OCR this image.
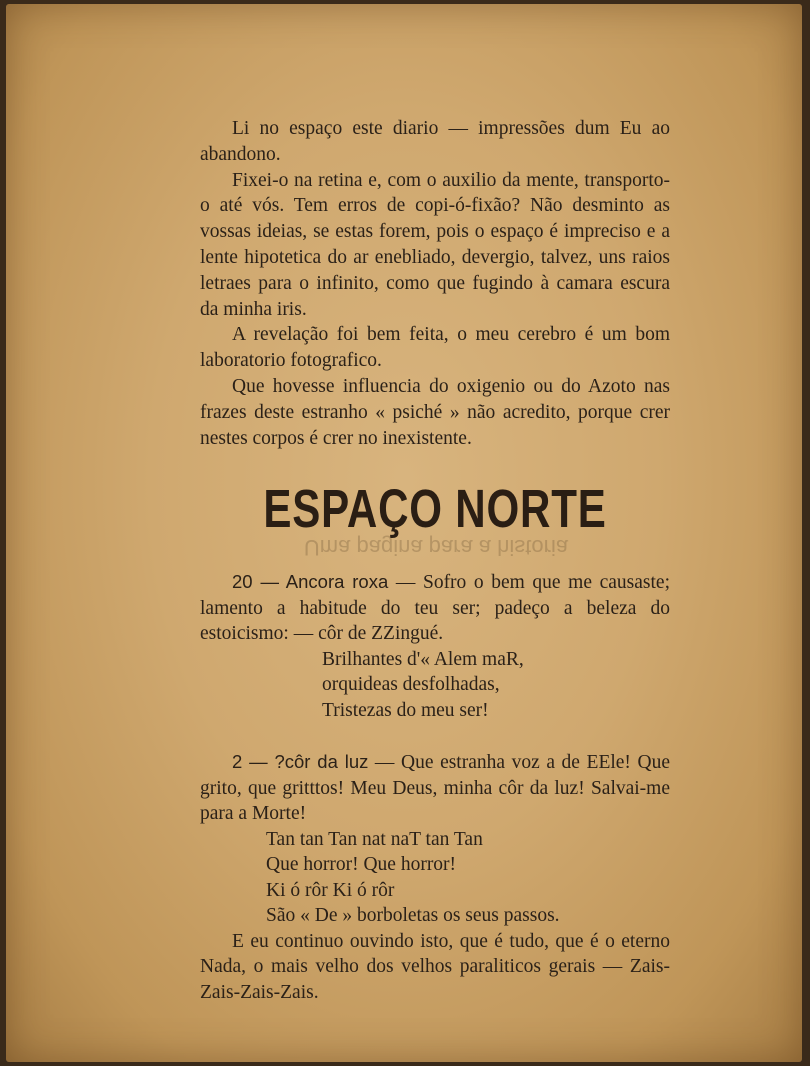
Li no espaço este diario — impressões dum Eu ao abandono.

Fixei-o na retina e, com o auxilio da mente, transporto-o até vós. Tem erros de copi-ó-fixão? Não desminto as vossas ideias, se estas forem, pois o espaço é impreciso e a lente hipotetica do ar enebliado, devergio, talvez, uns raios letraes para o infinito, como que fugindo à camara escura da minha iris.

A revelação foi bem feita, o meu cerebro é um bom laboratorio fotografico.

Que hovesse influencia do oxigenio ou do Azoto nas frazes deste estranho « psiché » não acredito, porque crer nestes corpos é crer no inexistente.

ESPAÇO NORTE
Uma pagina para a historia

20 — Ancora roxa — Sofro o bem que me causaste; lamento a habitude do teu ser; padeço a beleza do estoicismo: — côr de ZZingué.

Brilhantes d'« Alem maR,
orquideas desfolhadas,
Tristezas do meu ser!

2 — ?côr da luz — Que estranha voz a de EEle! Que grito, que gritttos! Meu Deus, minha côr da luz! Salvai-me para a Morte!

Tan tan Tan nat naT tan Tan
Que horror! Que horror!
Ki ó rôr Ki ó rôr
São « De » borboletas os seus passos.

E eu continuo ouvindo isto, que é tudo, que é o eterno Nada, o mais velho dos velhos paraliticos gerais — Zais-Zais-Zais-Zais.
